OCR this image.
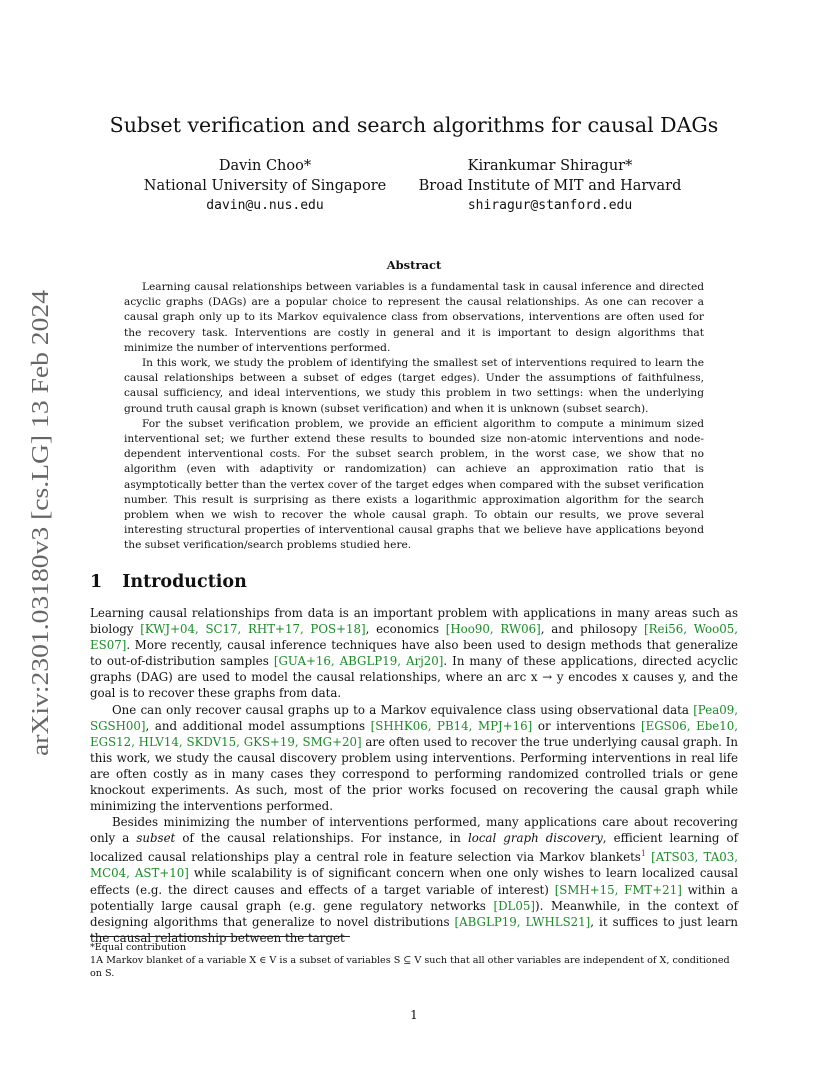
arXiv:2301.03180v3 [cs.LG] 13 Feb 2024
Subset verification and search algorithms for causal DAGs
Davin Choo*
National University of Singapore
davin@u.nus.edu
Kirankumar Shiragur*
Broad Institute of MIT and Harvard
shiragur@stanford.edu
Abstract

Learning causal relationships between variables is a fundamental task in causal inference and directed acyclic graphs (DAGs) are a popular choice to represent the causal relationships. As one can recover a causal graph only up to its Markov equivalence class from observations, interventions are often used for the recovery task. Interventions are costly in general and it is important to design algorithms that minimize the number of interventions performed.

In this work, we study the problem of identifying the smallest set of interventions required to learn the causal relationships between a subset of edges (target edges). Under the assumptions of faithfulness, causal sufficiency, and ideal interventions, we study this problem in two settings: when the underlying ground truth causal graph is known (subset verification) and when it is unknown (subset search).

For the subset verification problem, we provide an efficient algorithm to compute a minimum sized interventional set; we further extend these results to bounded size non-atomic interventions and node-dependent interventional costs. For the subset search problem, in the worst case, we show that no algorithm (even with adaptivity or randomization) can achieve an approximation ratio that is asymptotically better than the vertex cover of the target edges when compared with the subset verification number. This result is surprising as there exists a logarithmic approximation algorithm for the search problem when we wish to recover the whole causal graph. To obtain our results, we prove several interesting structural properties of interventional causal graphs that we believe have applications beyond the subset verification/search problems studied here.

1 Introduction

Learning causal relationships from data is an important problem with applications in many areas such as biology [KWJ+04, SC17, RHT+17, POS+18], economics [Hoo90, RW06], and philosopy [Rei56, Woo05, ES07]. More recently, causal inference techniques have also been used to design methods that generalize to out-of-distribution samples [GUA+16, ABGLP19, Arj20]. In many of these applications, directed acyclic graphs (DAG) are used to model the causal relationships, where an arc x → y encodes x causes y, and the goal is to recover these graphs from data.

One can only recover causal graphs up to a Markov equivalence class using observational data [Pea09, SGSH00], and additional model assumptions [SHHK06, PB14, MPJ+16] or interventions [EGS06, Ebe10, EGS12, HLV14, SKDV15, GKS+19, SMG+20] are often used to recover the true underlying causal graph. In this work, we study the causal discovery problem using interventions. Performing interventions in real life are often costly as in many cases they correspond to performing randomized controlled trials or gene knockout experiments. As such, most of the prior works focused on recovering the causal graph while minimizing the interventions performed.

Besides minimizing the number of interventions performed, many applications care about recovering only a subset of the causal relationships. For instance, in local graph discovery, efficient learning of localized causal relationships play a central role in feature selection via Markov blankets$^1$ [ATS03, TA03, MC04, AST+10] while scalability is of significant concern when one only wishes to learn localized causal effects (e.g. the direct causes and effects of a target variable of interest) [SMH+15, FMT+21] within a potentially large causal graph (e.g. gene regulatory networks [DL05]). Meanwhile, in the context of designing algorithms that generalize to novel distributions [ABGLP19, LWHLS21], it suffices to just learn the causal relationship between the target

*Equal contribution
1A Markov blanket of a variable X ∈ V is a subset of variables S ⊆ V such that all other variables are independent of X, conditioned on S.
1
